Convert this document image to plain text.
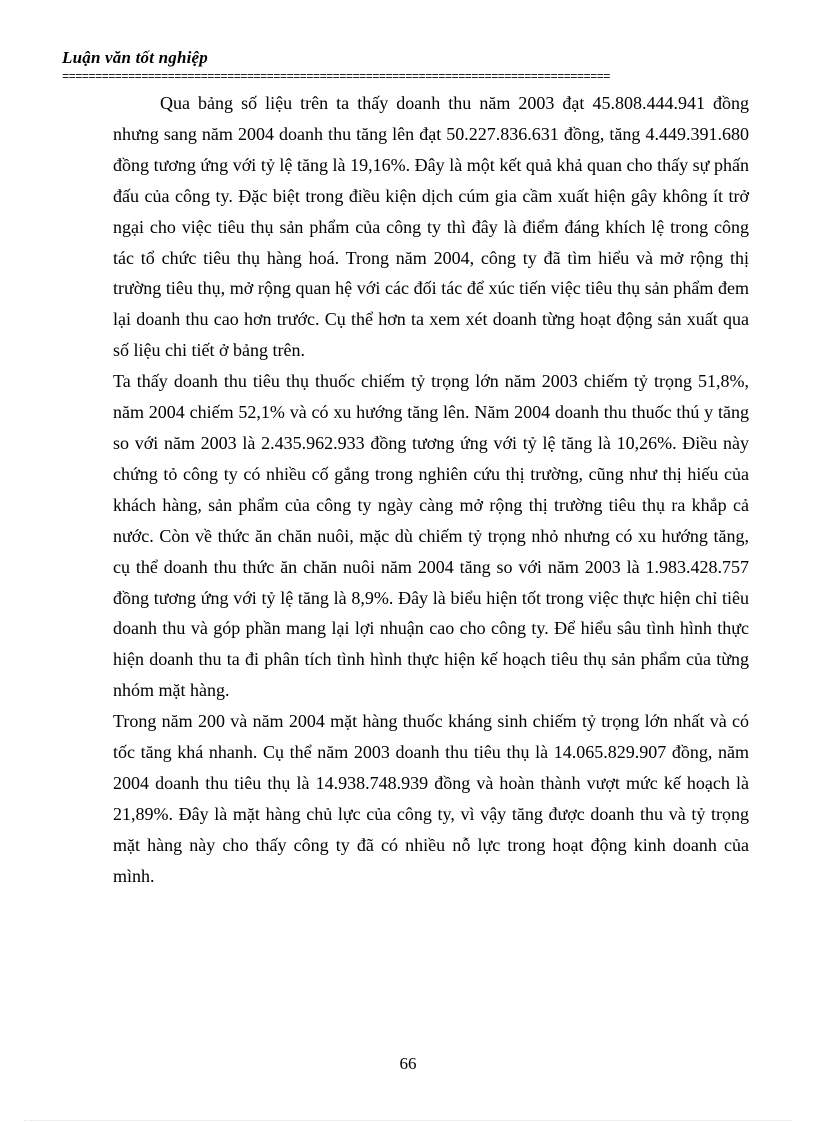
Luận văn tốt nghiệp
===================================================================================

Qua bảng số liệu trên ta thấy doanh thu năm 2003 đạt 45.808.444.941 đồng nhưng sang năm 2004 doanh thu tăng lên đạt 50.227.836.631 đồng, tăng 4.449.391.680 đồng tương ứng với tỷ lệ tăng là 19,16%. Đây là một kết quả khả quan cho thấy sự phấn đấu của công ty. Đặc biệt trong điều kiện dịch cúm gia cầm xuất hiện gây không ít trở ngại cho việc tiêu thụ sản phẩm của công ty thì đây là điểm đáng khích lệ trong công tác tổ chức tiêu thụ hàng hoá. Trong năm 2004, công ty đã tìm hiểu và mở rộng thị trường tiêu thụ, mở rộng quan hệ với các đối tác để xúc tiến việc tiêu thụ sản phẩm đem lại doanh thu cao hơn trước. Cụ thể hơn ta xem xét doanh từng hoạt động sản xuất qua số liệu chi tiết ở bảng trên.

Ta thấy doanh thu tiêu thụ thuốc chiếm tỷ trọng lớn năm 2003 chiếm tỷ trọng 51,8%, năm 2004 chiếm 52,1% và có xu hướng tăng lên. Năm 2004 doanh thu thuốc thú y tăng so với năm 2003 là 2.435.962.933 đồng tương ứng với tỷ lệ tăng là 10,26%. Điều này chứng tỏ công ty có nhiều cố gắng trong nghiên cứu thị trường, cũng như thị hiếu của khách hàng, sản phẩm của công ty ngày càng mở rộng thị trường tiêu thụ ra khắp cả nước. Còn về thức ăn chăn nuôi, mặc dù chiếm tỷ trọng nhỏ nhưng có xu hướng tăng, cụ thể doanh thu thức ăn chăn nuôi năm 2004 tăng so với năm 2003 là 1.983.428.757 đồng tương ứng với tỷ lệ tăng là 8,9%. Đây là biểu hiện tốt trong việc thực hiện chỉ tiêu doanh thu và góp phần mang lại lợi nhuận cao cho công ty. Để hiểu sâu tình hình thực hiện doanh thu ta đi phân tích tình hình thực hiện kế hoạch tiêu thụ sản phẩm của từng nhóm mặt hàng.

Trong năm 200 và năm 2004 mặt hàng thuốc kháng sinh chiếm tỷ trọng lớn nhất và có tốc tăng khá nhanh. Cụ thể năm 2003 doanh thu tiêu thụ là 14.065.829.907 đồng, năm 2004 doanh thu tiêu thụ là 14.938.748.939 đồng và hoàn thành vượt mức kế hoạch là 21,89%. Đây là mặt hàng chủ lực của công ty, vì vậy tăng được doanh thu và tỷ trọng mặt hàng này cho thấy công ty đã có nhiều nỗ lực trong hoạt động kinh doanh của mình.

66
